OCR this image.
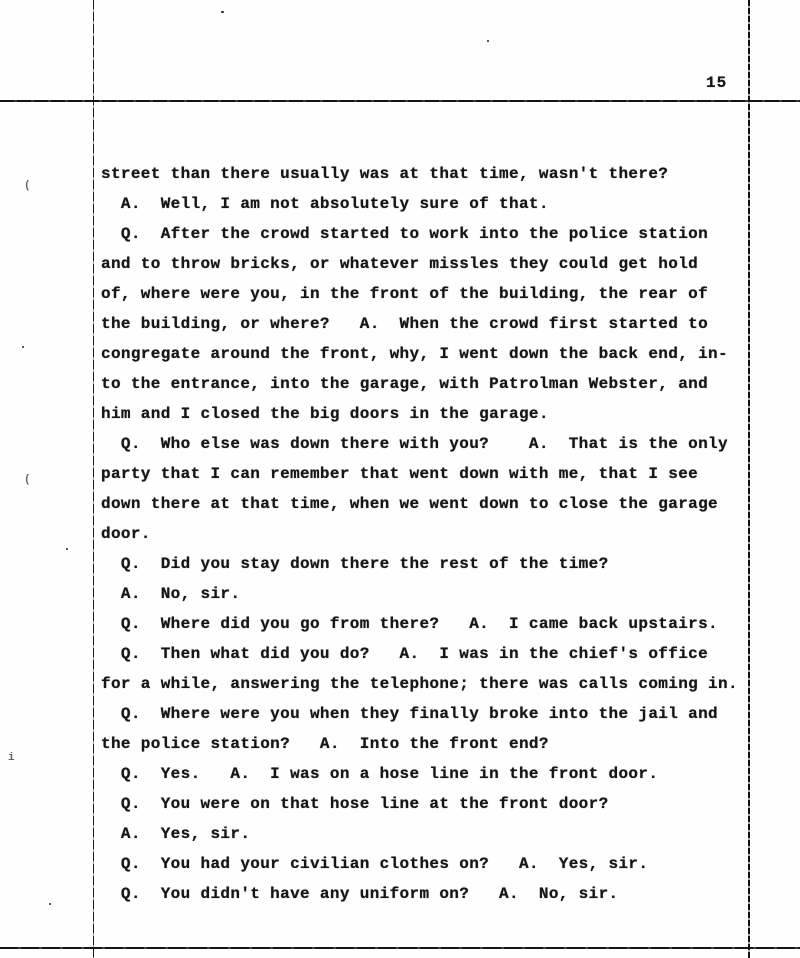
15
street than there usually was at that time, wasn't there?
A.  Well, I am not absolutely sure of that.
Q.  After the crowd started to work into the police station
and to throw bricks, or whatever missles they could get hold
of, where were you, in the front of the building, the rear of
the building, or where?   A.  When the crowd first started to
congregate around the front, why, I went down the back end, in-
to the entrance, into the garage, with Patrolman Webster, and
him and I closed the big doors in the garage.
Q.  Who else was down there with you?    A.  That is the only
party that I can remember that went down with me, that I see
down there at that time, when we went down to close the garage
door.
Q.  Did you stay down there the rest of the time?
A.  No, sir.
Q.  Where did you go from there?   A.  I came back upstairs.
Q.  Then what did you do?   A.  I was in the chief's office
for a while, answering the telephone; there was calls coming in.
Q.  Where were you when they finally broke into the jail and
the police station?   A.  Into the front end?
Q.  Yes.   A.  I was on a hose line in the front door.
Q.  You were on that hose line at the front door?
A.  Yes, sir.
Q.  You had your civilian clothes on?   A.  Yes, sir.
Q.  You didn't have any uniform on?   A.  No, sir.
(
(
i
